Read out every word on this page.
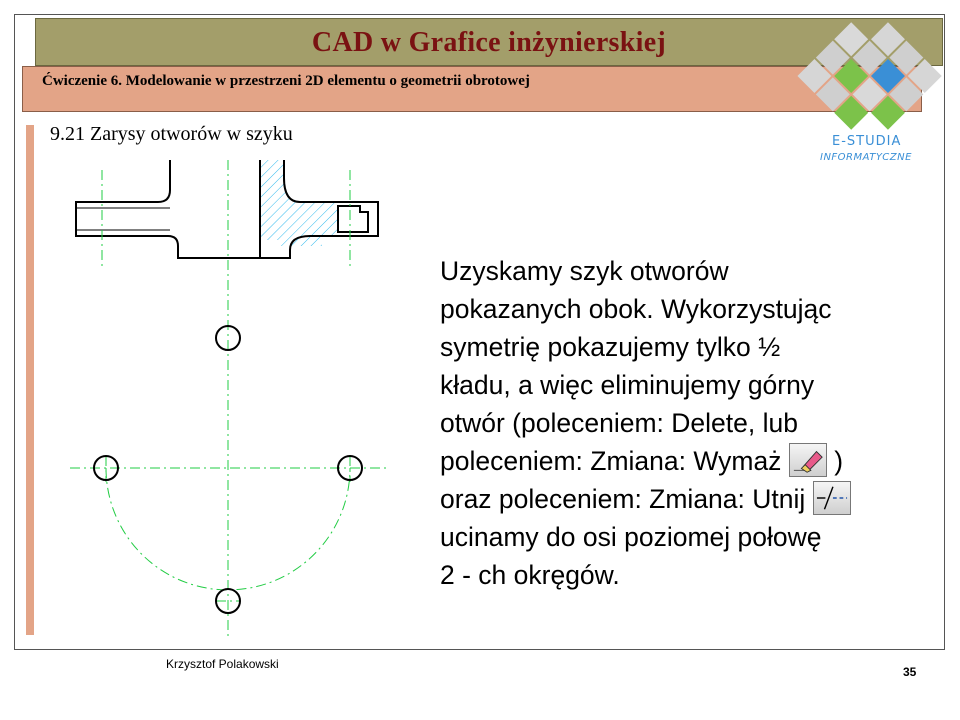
CAD w Grafice inżynierskiej
Ćwiczenie 6. Modelowanie w przestrzeni 2D elementu o geometrii obrotowej
E-STUDIA
INFORMATYCZNE
9.21 Zarysy otworów w szyku
Uzyskamy szyk otworów
pokazanych obok. Wykorzystując
symetrię pokazujemy tylko ½
kładu, a więc eliminujemy górny
otwór (poleceniem: Delete, lub
poleceniem: Zmiana: Wymaż )
oraz poleceniem: Zmiana: Utnij
ucinamy do osi poziomej połowę
2 - ch okręgów.
Krzysztof Polakowski
35
